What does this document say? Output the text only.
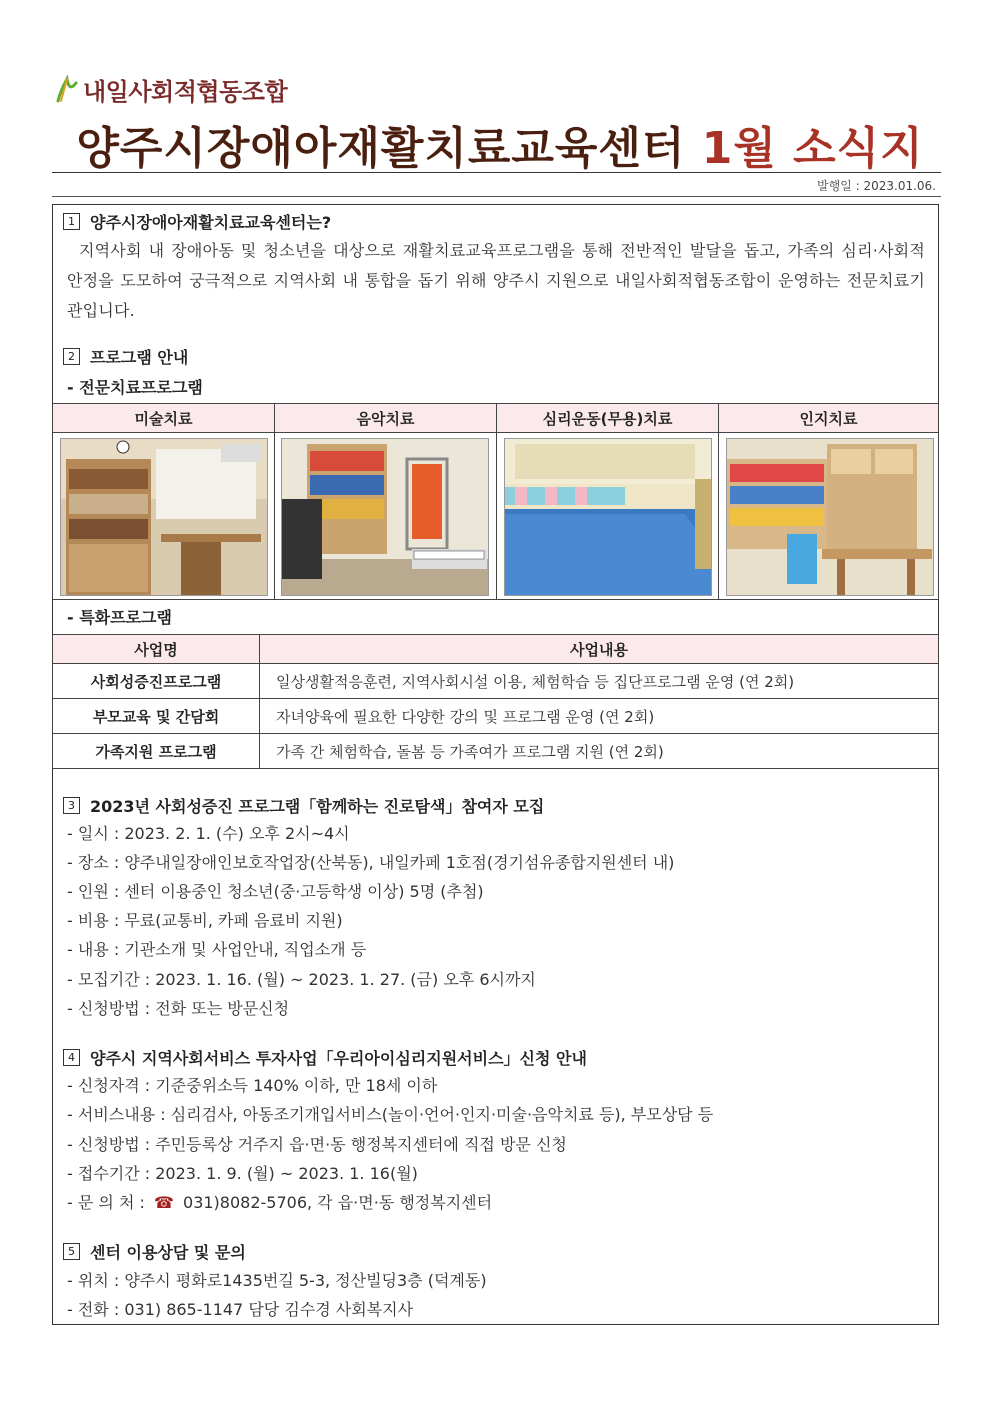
내일사회적협동조합
양주시장애아재활치료교육센터 1월 소식지
발행일 : 2023.01.06.
1 양주시장애아재활치료교육센터는?
지역사회 내 장애아동 및 청소년을 대상으로 재활치료교육프로그램을 통해 전반적인 발달을 돕고, 가족의 심리·사회적 안정을 도모하여 궁극적으로 지역사회 내 통합을 돕기 위해 양주시 지원으로 내일사회적협동조합이 운영하는 전문치료기관입니다.
2 프로그램 안내
- 전문치료프로그램
미술치료	음악치료	심리운동(무용)치료	인지치료

- 특화프로그램
사업명	사업내용
사회성증진프로그램	일상생활적응훈련, 지역사회시설 이용, 체험학습 등 집단프로그램 운영 (연 2회)
부모교육 및 간담회	자녀양육에 필요한 다양한 강의 및 프로그램 운영 (연 2회)
가족지원 프로그램	가족 간 체험학습, 돌봄 등 가족여가 프로그램 지원 (연 2회)
3 2023년 사회성증진 프로그램「함께하는 진로탐색」참여자 모집
- 일시 : 2023. 2. 1. (수) 오후 2시~4시
- 장소 : 양주내일장애인보호작업장(산북동), 내일카페 1호점(경기섬유종합지원센터 내)
- 인원 : 센터 이용중인 청소년(중·고등학생 이상) 5명 (추첨)
- 비용 : 무료(교통비, 카페 음료비 지원)
- 내용 : 기관소개 및 사업안내, 직업소개 등
- 모집기간 : 2023. 1. 16. (월) ~ 2023. 1. 27. (금) 오후 6시까지
- 신청방법 : 전화 또는 방문신청
4 양주시 지역사회서비스 투자사업「우리아이심리지원서비스」신청 안내
- 신청자격 : 기준중위소득 140% 이하, 만 18세 이하
- 서비스내용 : 심리검사, 아동조기개입서비스(놀이·언어·인지·미술·음악치료 등), 부모상담 등
- 신청방법 : 주민등록상 거주지 읍·면·동 행정복지센터에 직접 방문 신청
- 접수기간 : 2023. 1. 9. (월) ~ 2023. 1. 16(월)
- 문 의 처 : ☎ 031)8082-5706, 각 읍·면·동 행정복지센터
5 센터 이용상담 및 문의
- 위치 : 양주시 평화로1435번길 5-3, 정산빌딩3층 (덕계동)
- 전화 : 031) 865-1147 담당 김수경 사회복지사
